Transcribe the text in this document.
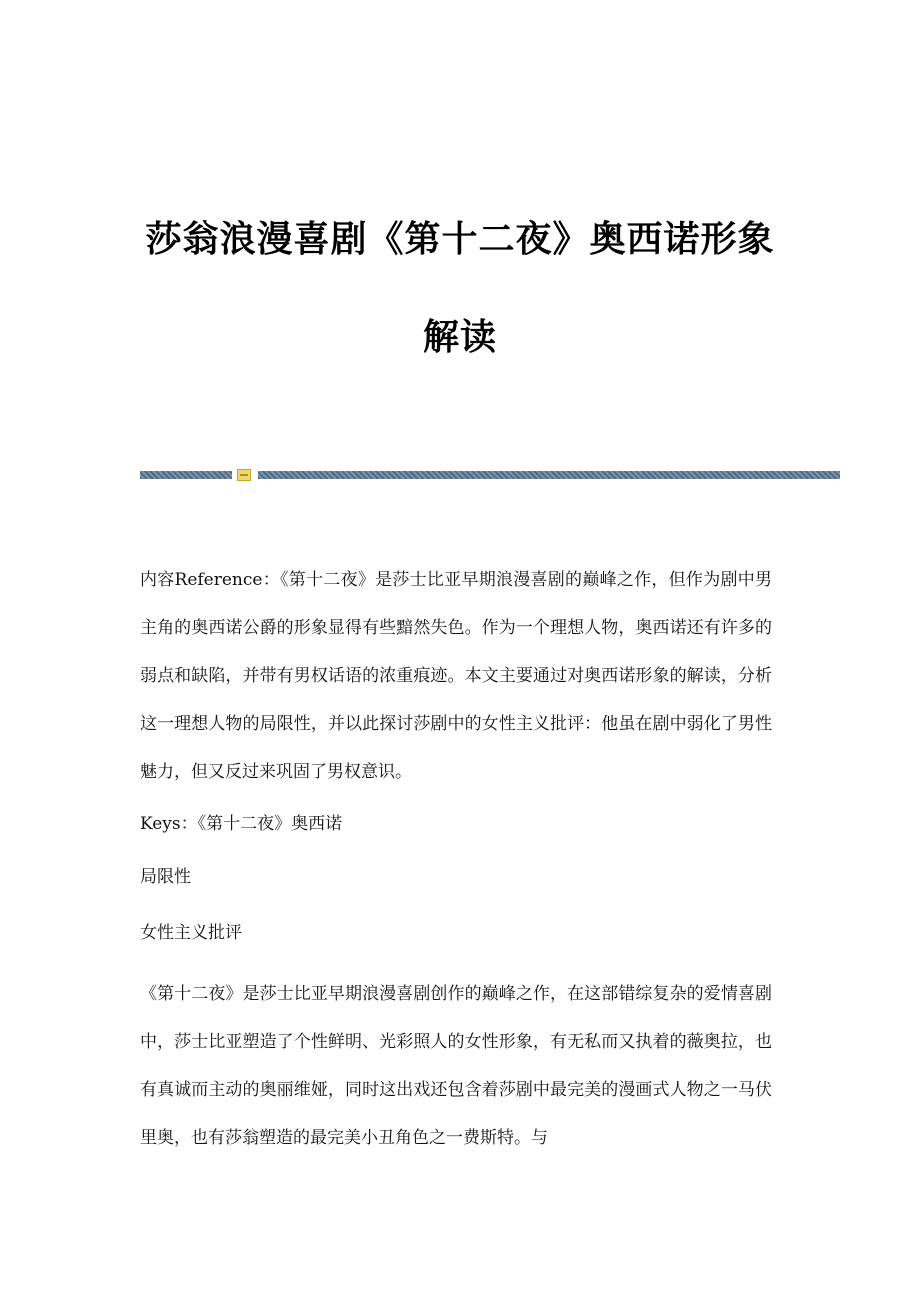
莎翁浪漫喜剧《第十二夜》奥西诺形象
解读

内容Reference：《第十二夜》是莎士比亚早期浪漫喜剧的巅峰之作，但作为剧中男主角的奥西诺公爵的形象显得有些黯然失色。作为一个理想人物，奥西诺还有许多的弱点和缺陷，并带有男权话语的浓重痕迹。本文主要通过对奥西诺形象的解读，分析这一理想人物的局限性，并以此探讨莎剧中的女性主义批评：他虽在剧中弱化了男性魅力，但又反过来巩固了男权意识。

Keys：《第十二夜》奥西诺

局限性

女性主义批评

《第十二夜》是莎士比亚早期浪漫喜剧创作的巅峰之作，在这部错综复杂的爱情喜剧中，莎士比亚塑造了个性鲜明、光彩照人的女性形象，有无私而又执着的薇奥拉，也有真诚而主动的奥丽维娅，同时这出戏还包含着莎剧中最完美的漫画式人物之一马伏里奥，也有莎翁塑造的最完美小丑角色之一费斯特。与
